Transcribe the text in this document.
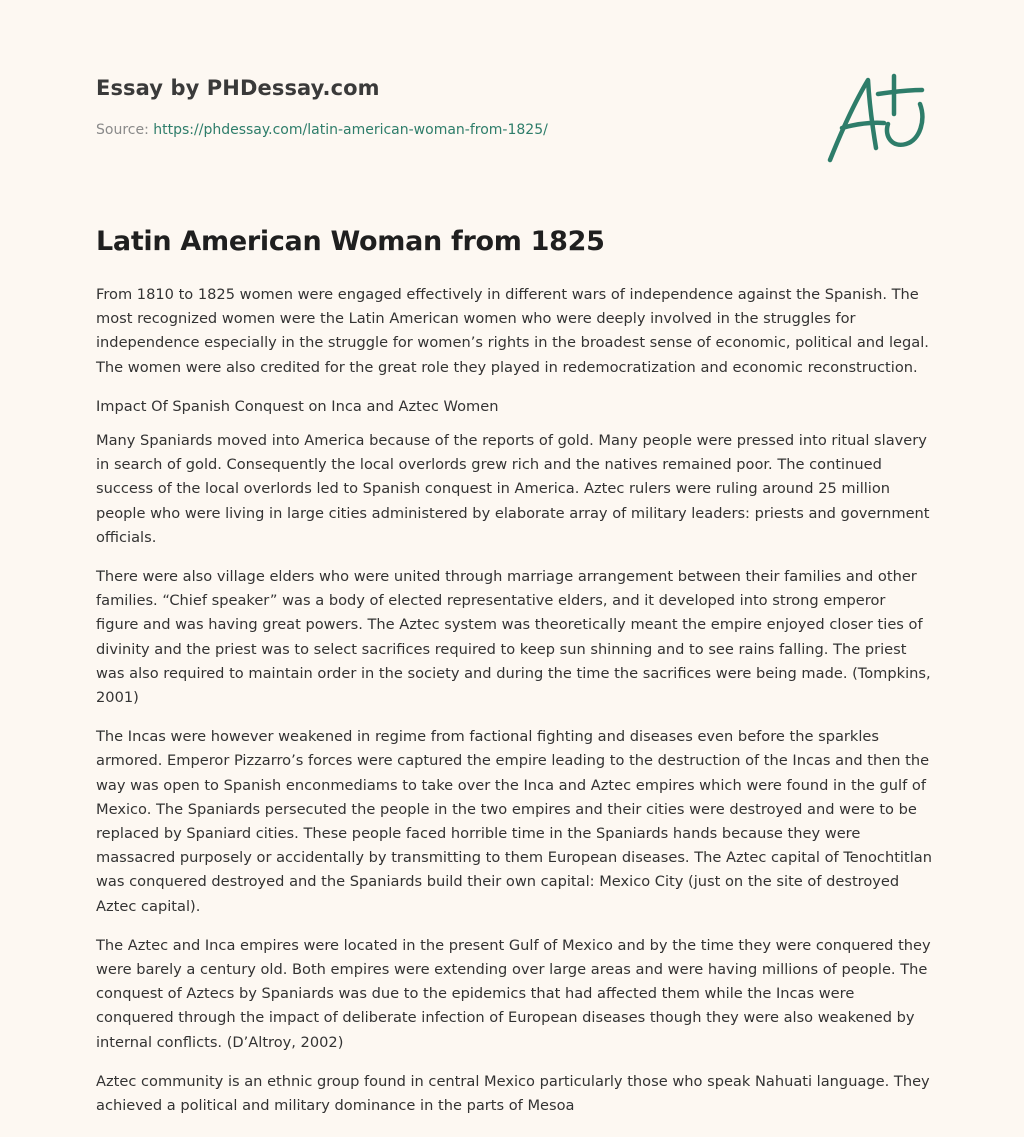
Essay by PHDessay.com
Source: https://phdessay.com/latin-american-woman-from-1825/
Latin American Woman from 1825

From 1810 to 1825 women were engaged effectively in different wars of independence against the Spanish. The most recognized women were the Latin American women who were deeply involved in the struggles for independence especially in the struggle for women’s rights in the broadest sense of economic, political and legal. The women were also credited for the great role they played in redemocratization and economic reconstruction.

Impact Of Spanish Conquest on Inca and Aztec Women

Many Spaniards moved into America because of the reports of gold. Many people were pressed into ritual slavery in search of gold. Consequently the local overlords grew rich and the natives remained poor. The continued success of the local overlords led to Spanish conquest in America. Aztec rulers were ruling around 25 million people who were living in large cities administered by elaborate array of military leaders: priests and government officials.

There were also village elders who were united through marriage arrangement between their families and other families. “Chief speaker” was a body of elected representative elders, and it developed into strong emperor figure and was having great powers. The Aztec system was theoretically meant the empire enjoyed closer ties of divinity and the priest was to select sacrifices required to keep sun shinning and to see rains falling. The priest was also required to maintain order in the society and during the time the sacrifices were being made. (Tompkins, 2001)

The Incas were however weakened in regime from factional fighting and diseases even before the sparkles armored. Emperor Pizzarro’s forces were captured the empire leading to the destruction of the Incas and then the way was open to Spanish enconmediams to take over the Inca and Aztec empires which were found in the gulf of Mexico. The Spaniards persecuted the people in the two empires and their cities were destroyed and were to be replaced by Spaniard cities. These people faced horrible time in the Spaniards hands because they were massacred purposely or accidentally by transmitting to them European diseases. The Aztec capital of Tenochtitlan was conquered destroyed and the Spaniards build their own capital: Mexico City (just on the site of destroyed Aztec capital).

The Aztec and Inca empires were located in the present Gulf of Mexico and by the time they were conquered they were barely a century old. Both empires were extending over large areas and were having millions of people. The conquest of Aztecs by Spaniards was due to the epidemics that had affected them while the Incas were conquered through the impact of deliberate infection of European diseases though they were also weakened by internal conflicts. (D’Altroy, 2002)

Aztec community is an ethnic group found in central Mexico particularly those who speak Nahuati language. They achieved a political and military dominance in the parts of Mesoa
